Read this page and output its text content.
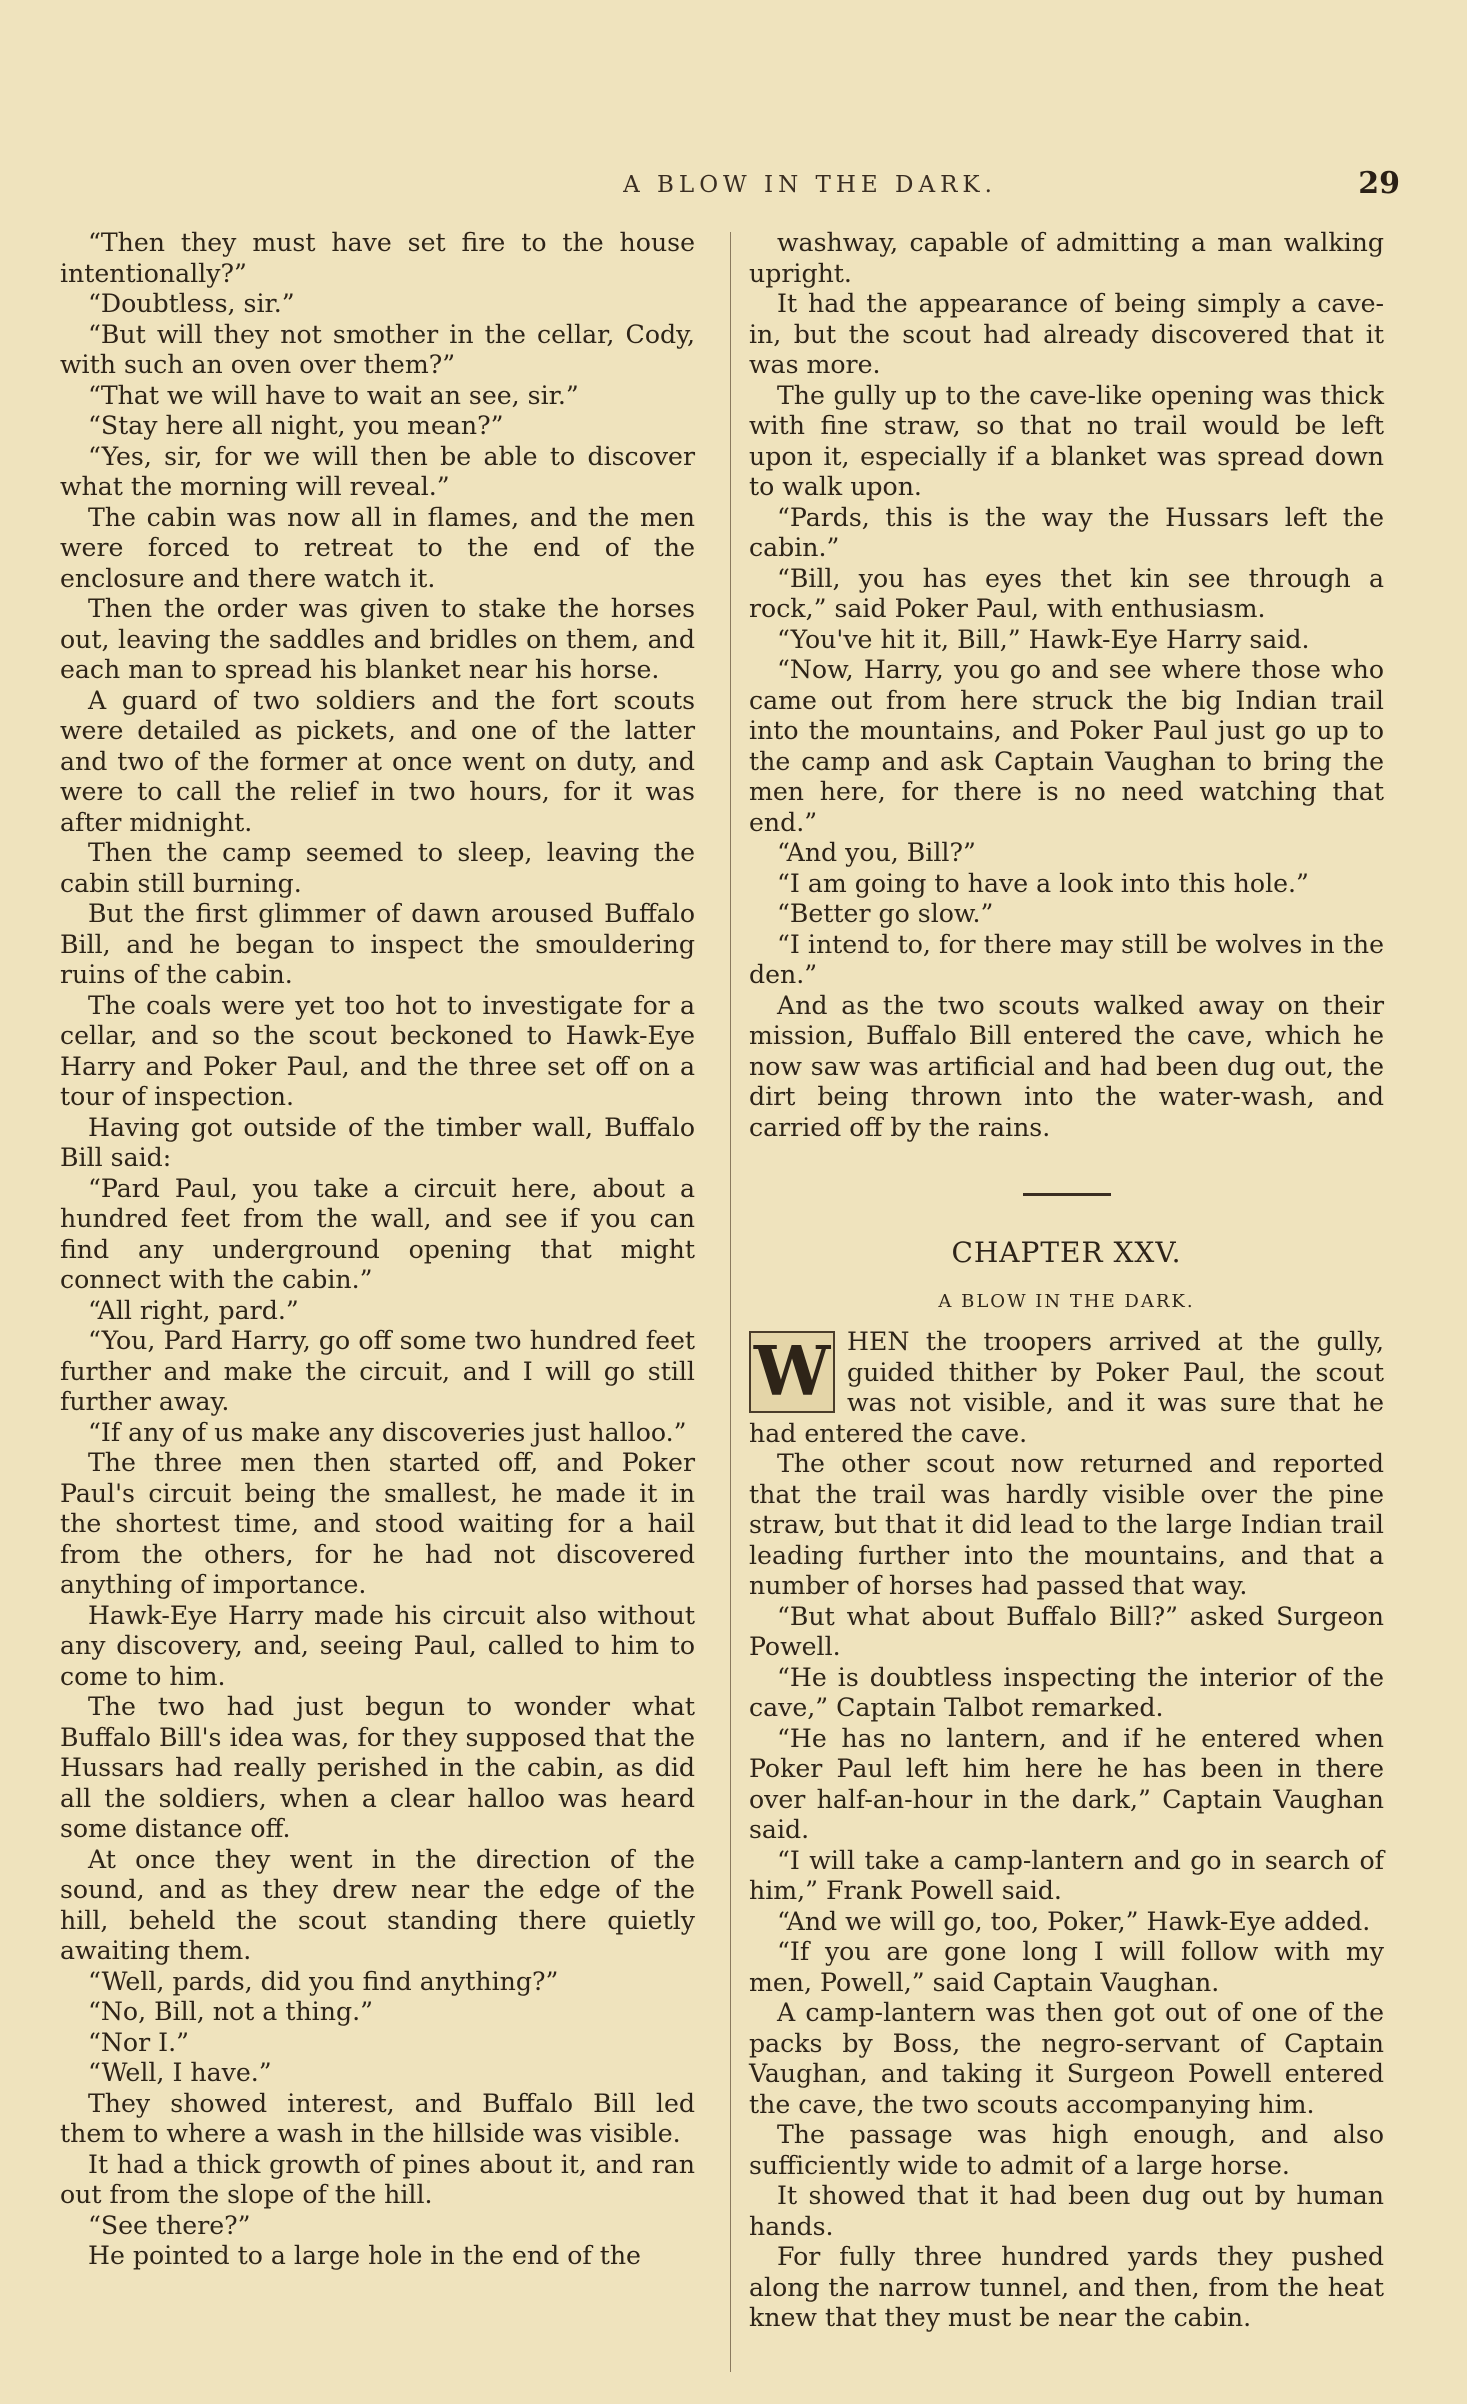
A BLOW IN THE DARK.	29

“Then they must have set fire to the house intentionally?”

“Doubtless, sir.”

“But will they not smother in the cellar, Cody, with such an oven over them?”

“That we will have to wait an see, sir.”

“Stay here all night, you mean?”

“Yes, sir, for we will then be able to discover what the morning will reveal.”

The cabin was now all in flames, and the men were forced to retreat to the end of the enclosure and there watch it.

Then the order was given to stake the horses out, leaving the saddles and bridles on them, and each man to spread his blanket near his horse.

A guard of two soldiers and the fort scouts were detailed as pickets, and one of the latter and two of the former at once went on duty, and were to call the relief in two hours, for it was after midnight.

Then the camp seemed to sleep, leaving the cabin still burning.

But the first glimmer of dawn aroused Buffalo Bill, and he began to inspect the smouldering ruins of the cabin.

The coals were yet too hot to investigate for a cellar, and so the scout beckoned to Hawk-Eye Harry and Poker Paul, and the three set off on a tour of inspection.

Having got outside of the timber wall, Buffalo Bill said:

“Pard Paul, you take a circuit here, about a hundred feet from the wall, and see if you can find any underground opening that might connect with the cabin.”

“All right, pard.”

“You, Pard Harry, go off some two hundred feet further and make the circuit, and I will go still further away.

“If any of us make any discoveries just halloo.”

The three men then started off, and Poker Paul's circuit being the smallest, he made it in the shortest time, and stood waiting for a hail from the others, for he had not discovered anything of importance.

Hawk-Eye Harry made his circuit also without any discovery, and, seeing Paul, called to him to come to him.

The two had just begun to wonder what Buffalo Bill's idea was, for they supposed that the Hussars had really perished in the cabin, as did all the soldiers, when a clear halloo was heard some distance off.

At once they went in the direction of the sound, and as they drew near the edge of the hill, beheld the scout standing there quietly awaiting them.

“Well, pards, did you find anything?”

“No, Bill, not a thing.”

“Nor I.”

“Well, I have.”

They showed interest, and Buffalo Bill led them to where a wash in the hillside was visible.

It had a thick growth of pines about it, and ran out from the slope of the hill.

“See there?”

He pointed to a large hole in the end of the

washway, capable of admitting a man walking upright.

It had the appearance of being simply a cave-in, but the scout had already discovered that it was more.

The gully up to the cave-like opening was thick with fine straw, so that no trail would be left upon it, especially if a blanket was spread down to walk upon.

“Pards, this is the way the Hussars left the cabin.”

“Bill, you has eyes thet kin see through a rock,” said Poker Paul, with enthusiasm.

“You've hit it, Bill,” Hawk-Eye Harry said.

“Now, Harry, you go and see where those who came out from here struck the big Indian trail into the mountains, and Poker Paul just go up to the camp and ask Captain Vaughan to bring the men here, for there is no need watching that end.”

“And you, Bill?”

“I am going to have a look into this hole.”

“Better go slow.”

“I intend to, for there may still be wolves in the den.”

And as the two scouts walked away on their mission, Buffalo Bill entered the cave, which he now saw was artificial and had been dug out, the dirt being thrown into the water-wash, and carried off by the rains.

CHAPTER XXV.
A BLOW IN THE DARK.

W HEN the troopers arrived at the gully, guided thither by Poker Paul, the scout was not visible, and it was sure that he had entered the cave.

The other scout now returned and reported that the trail was hardly visible over the pine straw, but that it did lead to the large Indian trail leading further into the mountains, and that a number of horses had passed that way.

“But what about Buffalo Bill?” asked Surgeon Powell.

“He is doubtless inspecting the interior of the cave,” Captain Talbot remarked.

“He has no lantern, and if he entered when Poker Paul left him here he has been in there over half-an-hour in the dark,” Captain Vaughan said.

“I will take a camp-lantern and go in search of him,” Frank Powell said.

“And we will go, too, Poker,” Hawk-Eye added.

“If you are gone long I will follow with my men, Powell,” said Captain Vaughan.

A camp-lantern was then got out of one of the packs by Boss, the negro-servant of Captain Vaughan, and taking it Surgeon Powell entered the cave, the two scouts accompanying him.

The passage was high enough, and also sufficiently wide to admit of a large horse.

It showed that it had been dug out by human hands.

For fully three hundred yards they pushed along the narrow tunnel, and then, from the heat knew that they must be near the cabin.
